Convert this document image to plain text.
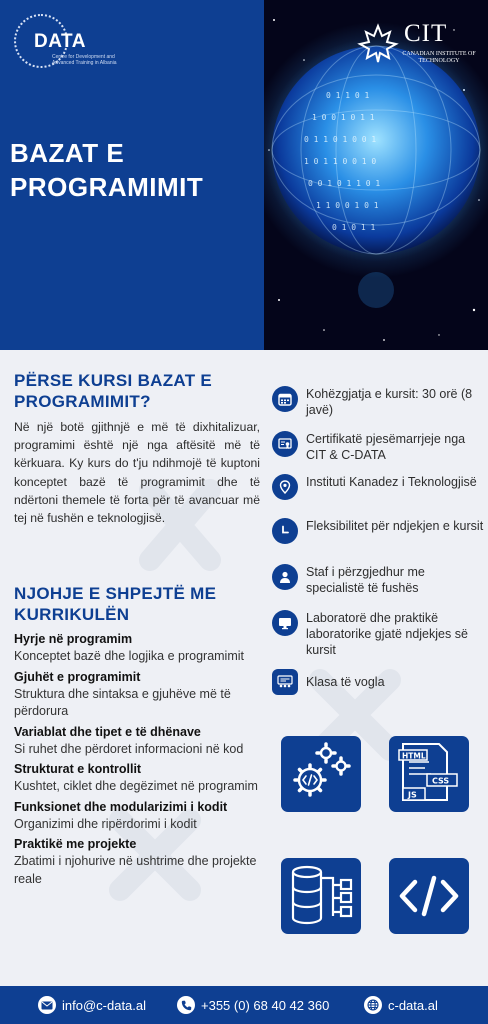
DATA
Centre for Development and Advanced Training in Albania
BAZAT E
PROGRAMIMIT
0 1 1 0 1
1 0 0 1 0 1 1
0 1 1 0 1 0 0 1
1 0 1 1 0 0 1 0
0 0 1 0 1 1 0 1
1 1 0 0 1 0 1
0 1 0 1 1
CIT
CANADIAN INSTITUTE OF TECHNOLOGY
PËRSE KURSI BAZAT E PROGRAMIMIT?
Në një botë gjithnjë e më të dixhitalizuar, programimi është një nga aftësitë më të kërkuara. Ky kurs do t'ju ndihmojë të kuptoni konceptet bazë të programimit dhe të ndërtoni themele të forta për të avancuar më tej në fushën e teknologjisë.
NJOHJE E SHPEJTË ME KURRIKULËN
Hyrje në programim

Konceptet bazë dhe logjika e programimit

Gjuhët e programimit

Struktura dhe sintaksa e gjuhëve më të përdorura

Variablat dhe tipet e të dhënave

Si ruhet dhe përdoret informacioni në kod

Strukturat e kontrollit

Kushtet, ciklet dhe degëzimet në programim

Funksionet dhe modularizimi i kodit

Organizimi dhe ripërdorimi i kodit

Praktikë me projekte

Zbatimi i njohurive në ushtrime dhe projekte reale

Kohëzgjatja e kursit: 30 orë (8 javë)
Certifikatë pjesëmarrjeje nga CIT & C-DATA
Instituti Kanadez i Teknologjisë
Fleksibilitet për ndjekjen e kursit
Staf i përzgjedhur me specialistë të fushës
Laboratorë dhe praktikë laboratorike gjatë ndjekjes së kursit
Klasa të vogla
HTML
CSS
JS
info@c-data.al	+355 (0) 68 40 42 360	c-data.al
